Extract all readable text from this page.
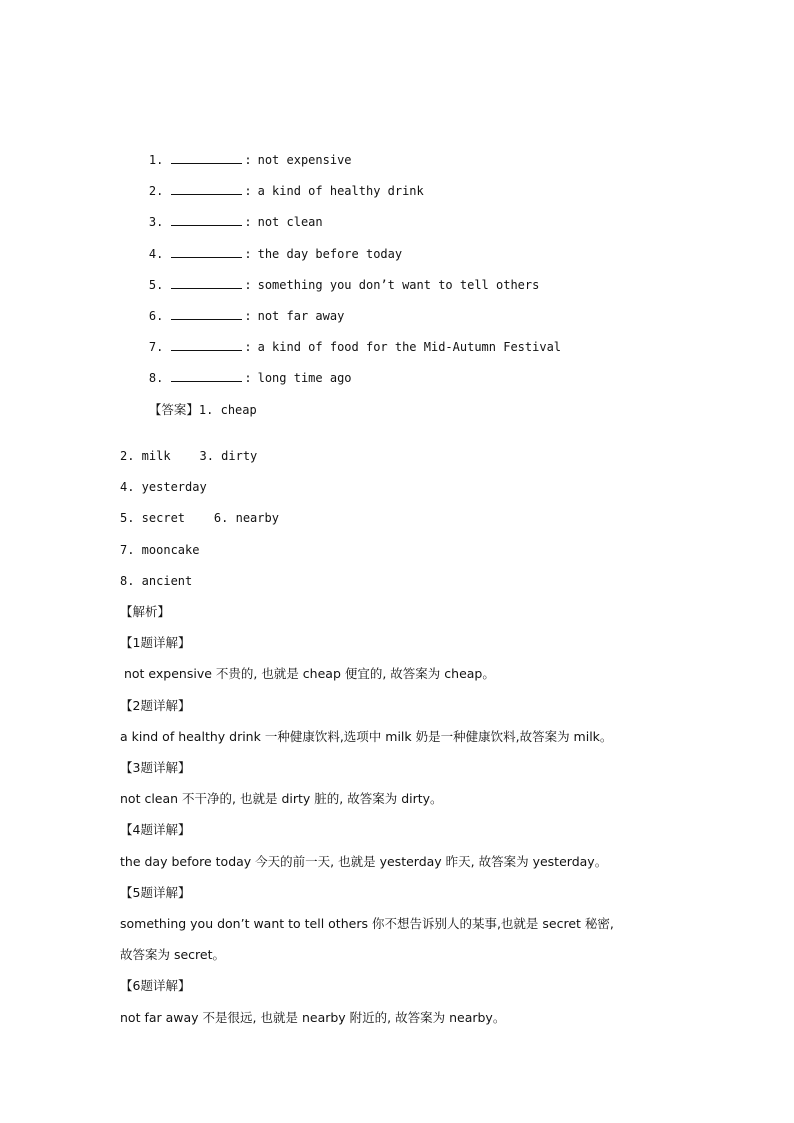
1.	: not expensive

2.	: a kind of healthy drink

3.	: not clean

4.	: the day before today

5.	: something you don’t want to tell others

6.	: not far away

7.	: a kind of food for the Mid-Autumn Festival

8.	: long time ago

【答案】1. cheap

2. milk    3. dirty
4. yesterday
5. secret    6. nearby
7. mooncake
8. ancient
【解析】
【1题详解】
not expensive 不贵的, 也就是 cheap 便宜的, 故答案为 cheap。
【2题详解】
a kind of healthy drink 一种健康饮料,选项中 milk 奶是一种健康饮料,故答案为 milk。
【3题详解】
not clean 不干净的, 也就是 dirty 脏的, 故答案为 dirty。
【4题详解】
the day before today 今天的前一天, 也就是 yesterday 昨天, 故答案为 yesterday。
【5题详解】
something you don’t want to tell others 你不想告诉别人的某事,也就是 secret 秘密,
故答案为 secret。
【6题详解】
not far away 不是很远, 也就是 nearby 附近的, 故答案为 nearby。
